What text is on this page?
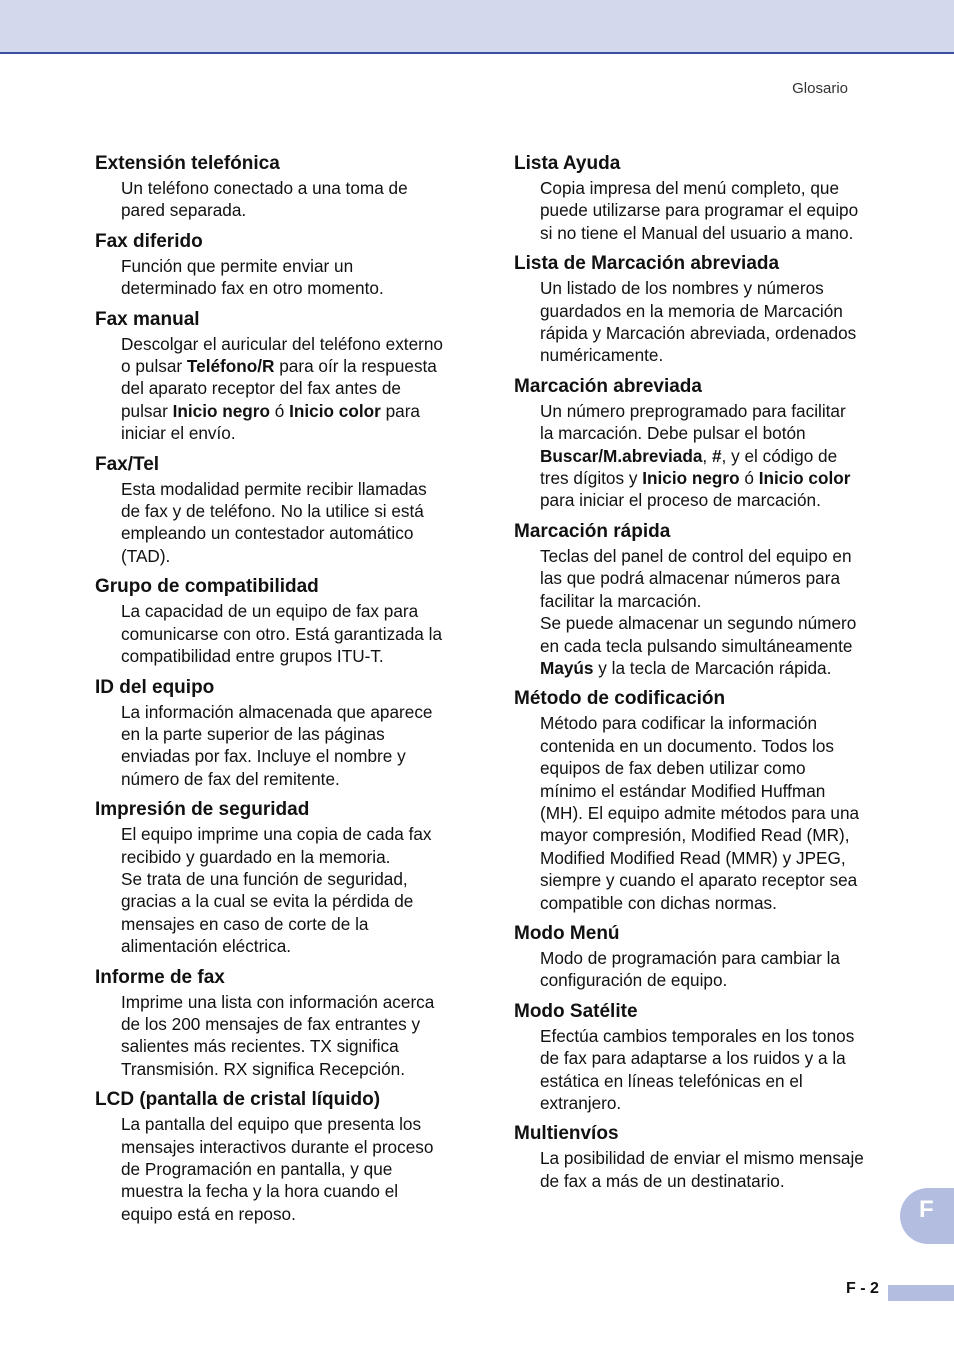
Glosario
Extensión telefónica
Un teléfono conectado a una toma de
pared separada.
Fax diferido
Función que permite enviar un
determinado fax en otro momento.
Fax manual
Descolgar el auricular del teléfono externo
o pulsar Teléfono/R para oír la respuesta
del aparato receptor del fax antes de
pulsar Inicio negro ó Inicio color para
iniciar el envío.
Fax/Tel
Esta modalidad permite recibir llamadas
de fax y de teléfono. No la utilice si está
empleando un contestador automático
(TAD).
Grupo de compatibilidad
La capacidad de un equipo de fax para
comunicarse con otro. Está garantizada la
compatibilidad entre grupos ITU-T.
ID del equipo
La información almacenada que aparece
en la parte superior de las páginas
enviadas por fax. Incluye el nombre y
número de fax del remitente.
Impresión de seguridad
El equipo imprime una copia de cada fax
recibido y guardado en la memoria.
Se trata de una función de seguridad,
gracias a la cual se evita la pérdida de
mensajes en caso de corte de la
alimentación eléctrica.
Informe de fax
Imprime una lista con información acerca
de los 200 mensajes de fax entrantes y
salientes más recientes. TX significa
Transmisión. RX significa Recepción.
LCD (pantalla de cristal líquido)
La pantalla del equipo que presenta los
mensajes interactivos durante el proceso
de Programación en pantalla, y que
muestra la fecha y la hora cuando el
equipo está en reposo.
Lista Ayuda
Copia impresa del menú completo, que
puede utilizarse para programar el equipo
si no tiene el Manual del usuario a mano.
Lista de Marcación abreviada
Un listado de los nombres y números
guardados en la memoria de Marcación
rápida y Marcación abreviada, ordenados
numéricamente.
Marcación abreviada
Un número preprogramado para facilitar
la marcación. Debe pulsar el botón
Buscar/M.abreviada, #, y el código de
tres dígitos y Inicio negro ó Inicio color
para iniciar el proceso de marcación.
Marcación rápida
Teclas del panel de control del equipo en
las que podrá almacenar números para
facilitar la marcación.
Se puede almacenar un segundo número
en cada tecla pulsando simultáneamente
Mayús y la tecla de Marcación rápida.
Método de codificación
Método para codificar la información
contenida en un documento. Todos los
equipos de fax deben utilizar como
mínimo el estándar Modified Huffman
(MH). El equipo admite métodos para una
mayor compresión, Modified Read (MR),
Modified Modified Read (MMR) y JPEG,
siempre y cuando el aparato receptor sea
compatible con dichas normas.
Modo Menú
Modo de programación para cambiar la
configuración de equipo.
Modo Satélite
Efectúa cambios temporales en los tonos
de fax para adaptarse a los ruidos y a la
estática en líneas telefónicas en el
extranjero.
Multienvíos
La posibilidad de enviar el mismo mensaje
de fax a más de un destinatario.
F
F - 2
